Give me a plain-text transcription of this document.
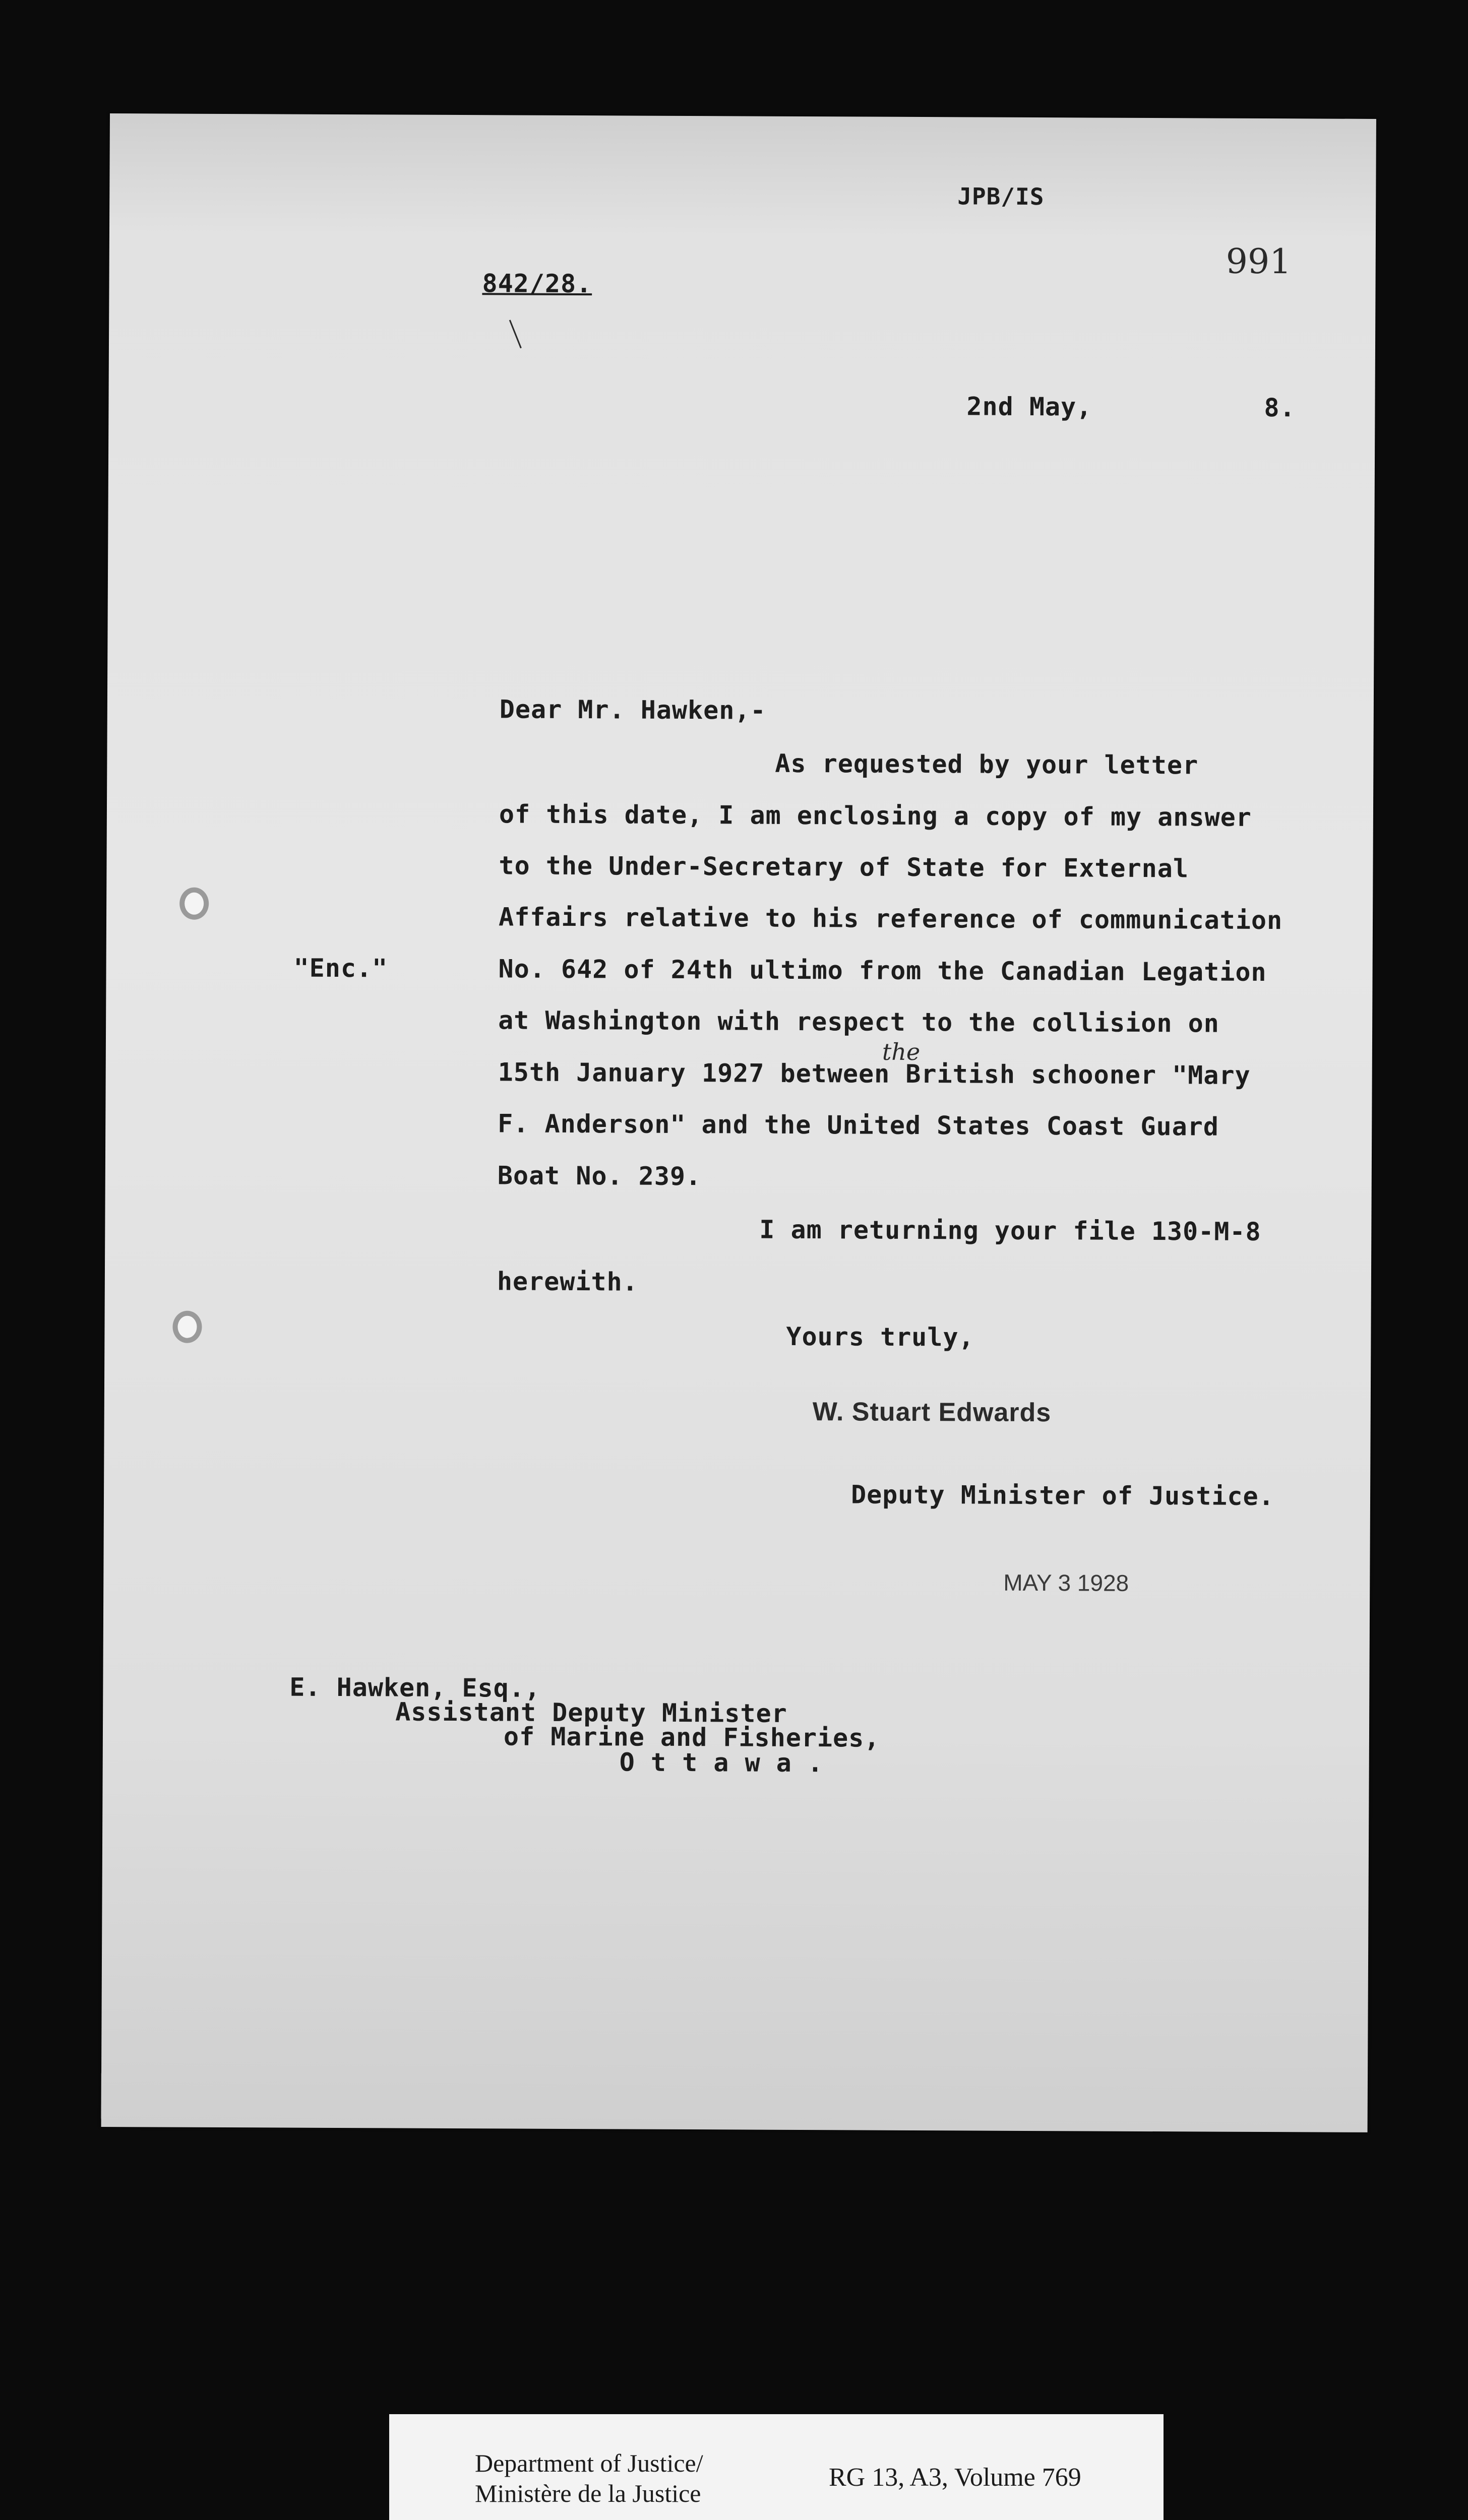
JPB/IS
991
842/28.
2nd May,	8.
Dear Mr. Hawken,-
As requested by your letter
of this date, I am enclosing a copy of my answer
to the Under-Secretary of State for External
Affairs relative to his reference of communication
"Enc."	No. 642 of 24th ultimo from the Canadian Legation
at Washington with respect to the collision on
the
15th January 1927 between British schooner "Mary
F. Anderson" and the United States Coast Guard
Boat No. 239.
I am returning your file 130-M-8
herewith.
Yours truly,
W. Stuart Edwards
Deputy Minister of Justice.
MAY 3 1928
E. Hawken, Esq.,
Assistant Deputy Minister
of Marine and Fisheries,
O t t a w a .
Department of Justice/
Ministère de la Justice
RG 13, A3, Volume 769
